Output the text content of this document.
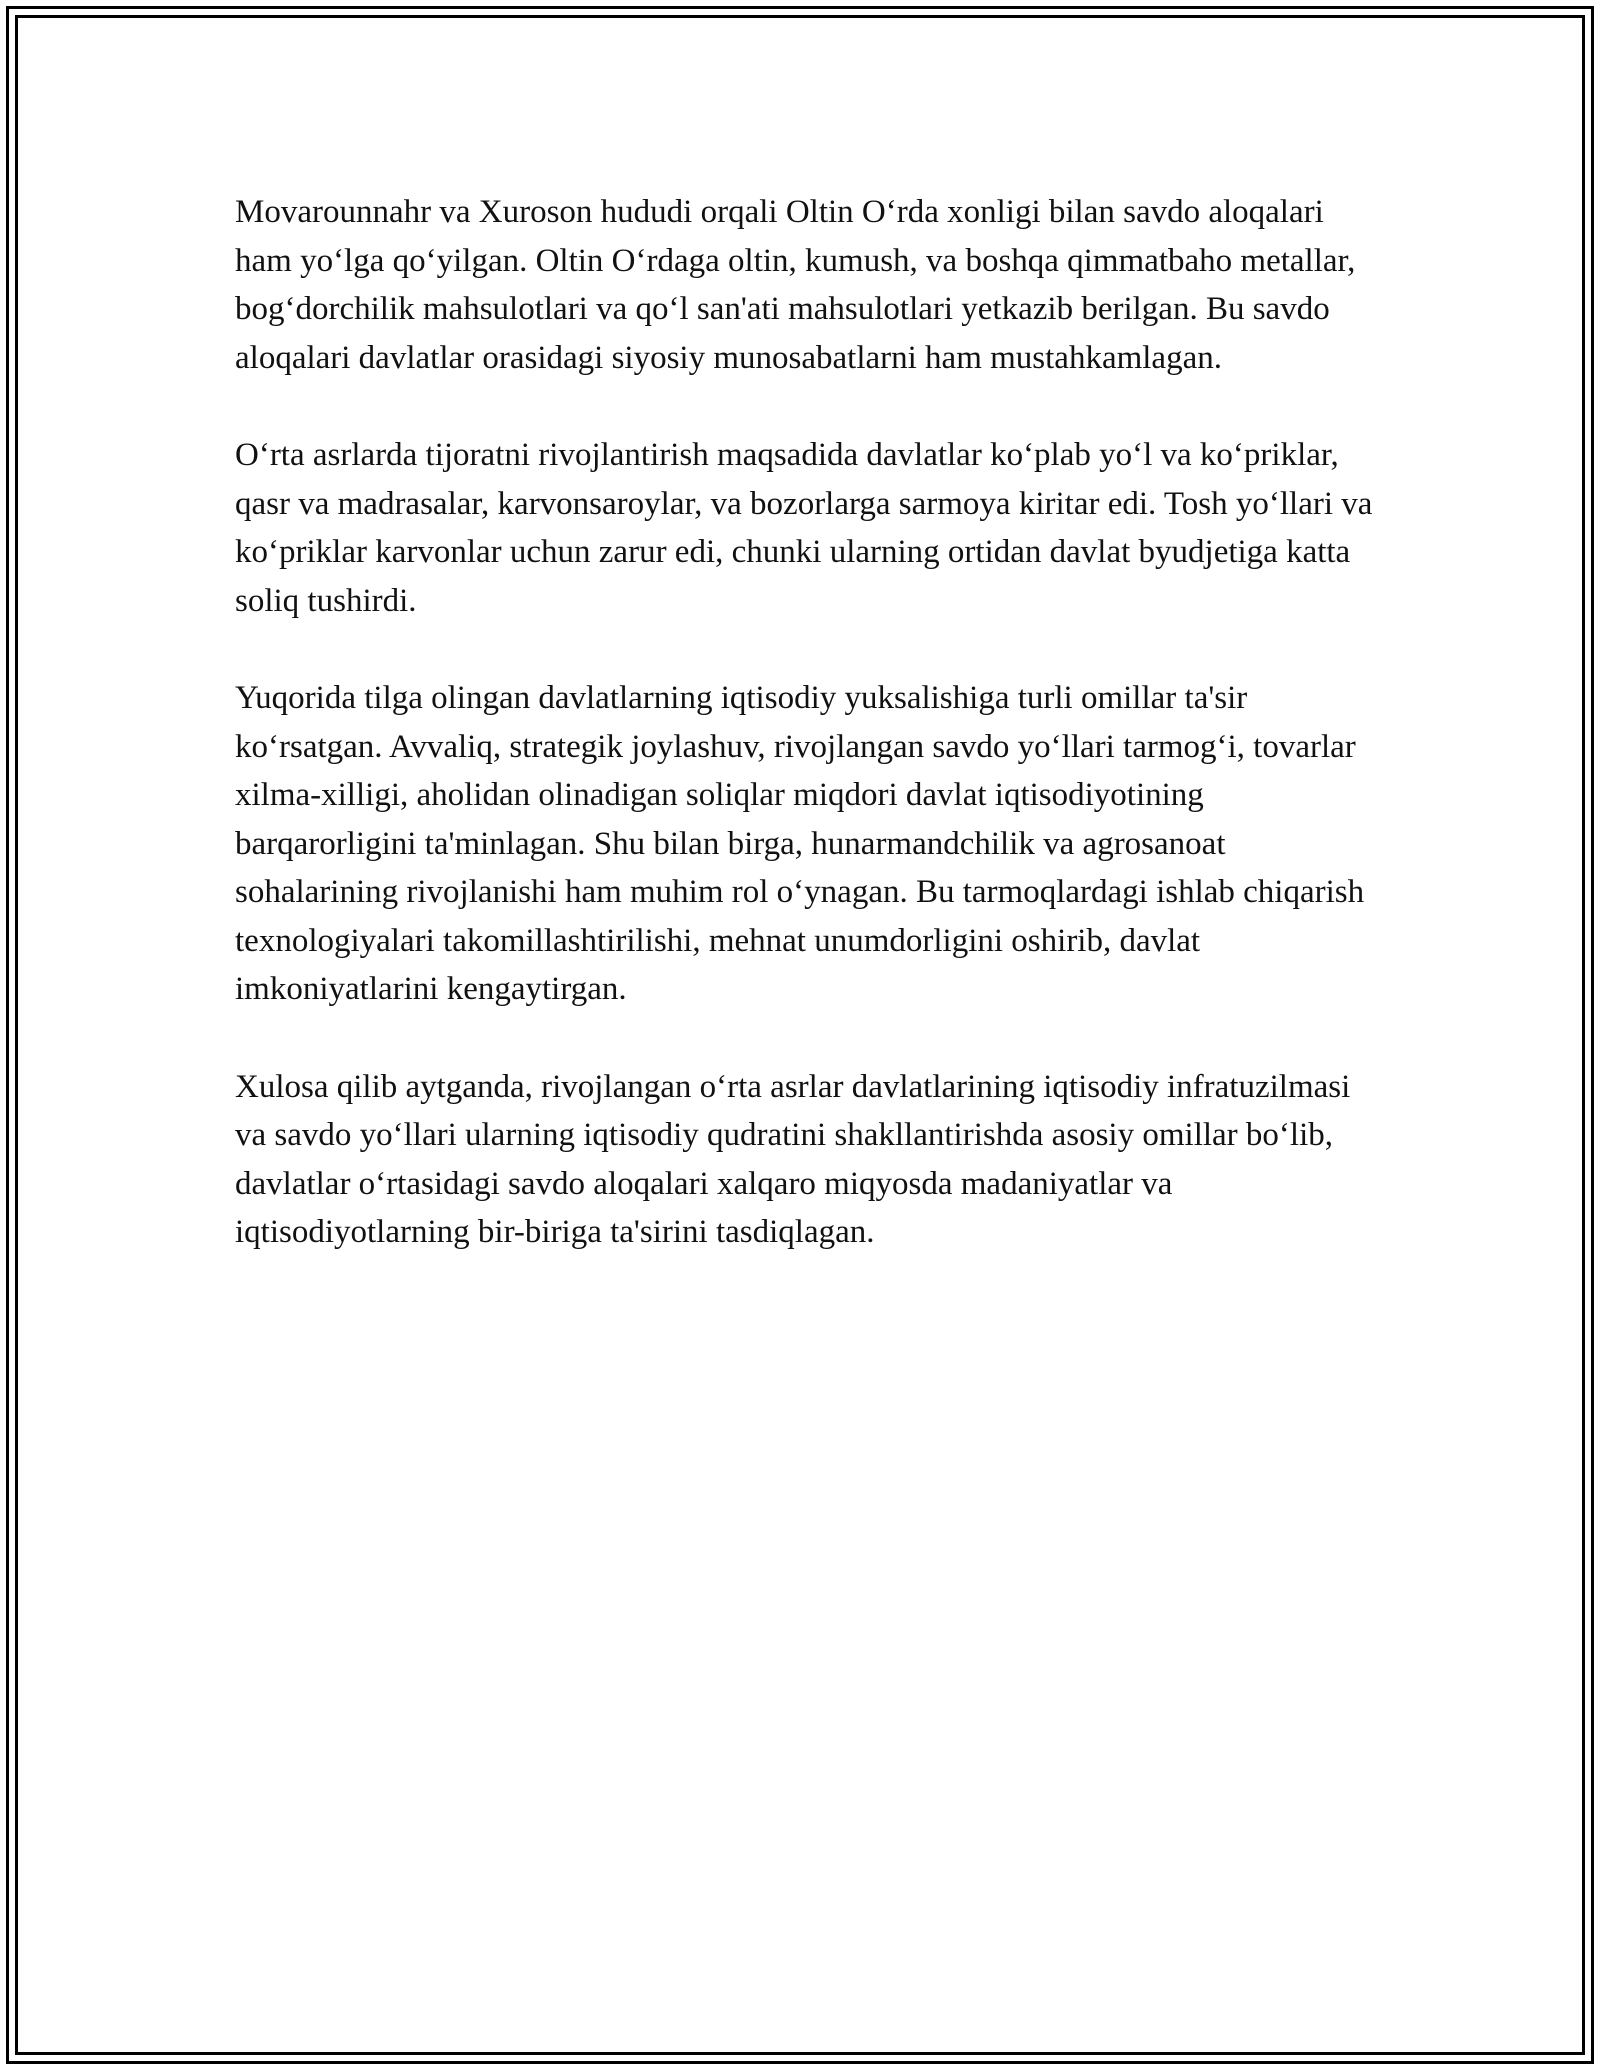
Movarounnahr va Xuroson hududi orqali Oltin O‘rda xonligi bilan savdo aloqalari ham yo‘lga qo‘yilgan. Oltin O‘rdaga oltin, kumush, va boshqa qimmatbaho metallar, bog‘dorchilik mahsulotlari va qo‘l san'ati mahsulotlari yetkazib berilgan. Bu savdo aloqalari davlatlar orasidagi siyosiy munosabatlarni ham mustahkamlagan.

O‘rta asrlarda tijoratni rivojlantirish maqsadida davlatlar ko‘plab yo‘l va ko‘priklar, qasr va madrasalar, karvonsaroylar, va bozorlarga sarmoya kiritar edi. Tosh yo‘llari va ko‘priklar karvonlar uchun zarur edi, chunki ularning ortidan davlat byudjetiga katta soliq tushirdi.

Yuqorida tilga olingan davlatlarning iqtisodiy yuksalishiga turli omillar ta'sir ko‘rsatgan. Avvaliq, strategik joylashuv, rivojlangan savdo yo‘llari tarmog‘i, tovarlar xilma-xilligi, aholidan olinadigan soliqlar miqdori davlat iqtisodiyotining barqarorligini ta'minlagan. Shu bilan birga, hunarmandchilik va agrosanoat sohalarining rivojlanishi ham muhim rol o‘ynagan. Bu tarmoqlardagi ishlab chiqarish texnologiyalari takomillashtirilishi, mehnat unumdorligini oshirib, davlat imkoniyatlarini kengaytirgan.

Xulosa qilib aytganda, rivojlangan o‘rta asrlar davlatlarining iqtisodiy infratuzilmasi va savdo yo‘llari ularning iqtisodiy qudratini shakllantirishda asosiy omillar bo‘lib, davlatlar o‘rtasidagi savdo aloqalari xalqaro miqyosda madaniyatlar va iqtisodiyotlarning bir-biriga ta'sirini tasdiqlagan.
